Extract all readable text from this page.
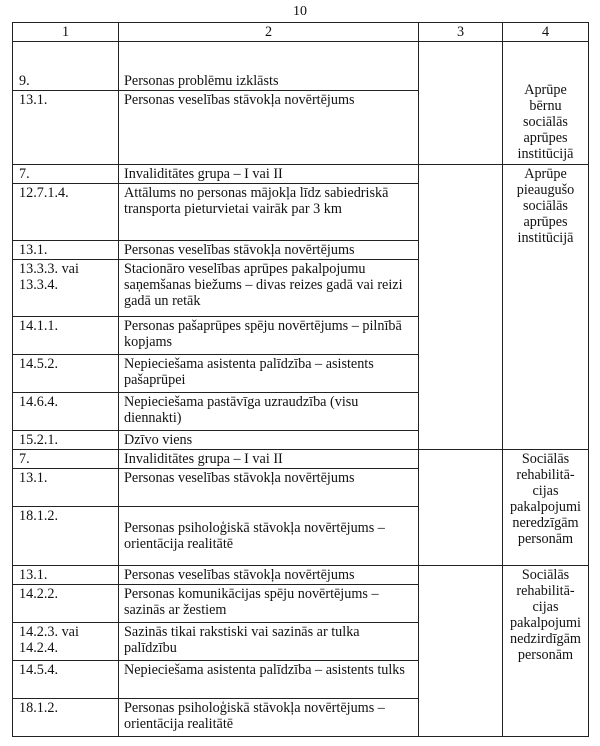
10
1	2	3	4
9.	Personas problēmu izklāsts		Aprūpe bērnu sociālās aprūpes institūcijā
13.1.	Personas veselības stāvokļa novērtējums		
7.	Invaliditātes grupa – I vai II		Aprūpe pieaugušo sociālās aprūpes institūcijā
12.7.1.4.	Attālums no personas mājokļa līdz sabiedriskā transporta pieturvietai vairāk par 3 km		
13.1.	Personas veselības stāvokļa novērtējums		
13.3.3. vai 13.3.4.	Stacionāro veselības aprūpes pakalpojumu saņemšanas biežums – divas reizes gadā vai reizi gadā un retāk		
14.1.1.	Personas pašaprūpes spēju novērtējums – pilnībā kopjams		
14.5.2.	Nepieciešama asistenta palīdzība – asistents pašaprūpei		
14.6.4.	Nepieciešama pastāvīga uzraudzība (visu diennakti)		
15.2.1.	Dzīvo viens		
7.	Invaliditātes grupa – I vai II		Sociālās rehabilitā-cijas pakalpojumi neredzīgām personām
13.1.	Personas veselības stāvokļa novērtējums		
18.1.2.	Personas psiholoģiskā stāvokļa novērtējums – orientācija realitātē		
13.1.	Personas veselības stāvokļa novērtējums		Sociālās rehabilitā-cijas pakalpojumi nedzirdīgām personām
14.2.2.	Personas komunikācijas spēju novērtējums – sazinās ar žestiem		
14.2.3. vai 14.2.4.	Sazinās tikai rakstiski vai sazinās ar tulka palīdzību		
14.5.4.	Nepieciešama asistenta palīdzība – asistents tulks		
18.1.2.	Personas psiholoģiskā stāvokļa novērtējums – orientācija realitātē		
